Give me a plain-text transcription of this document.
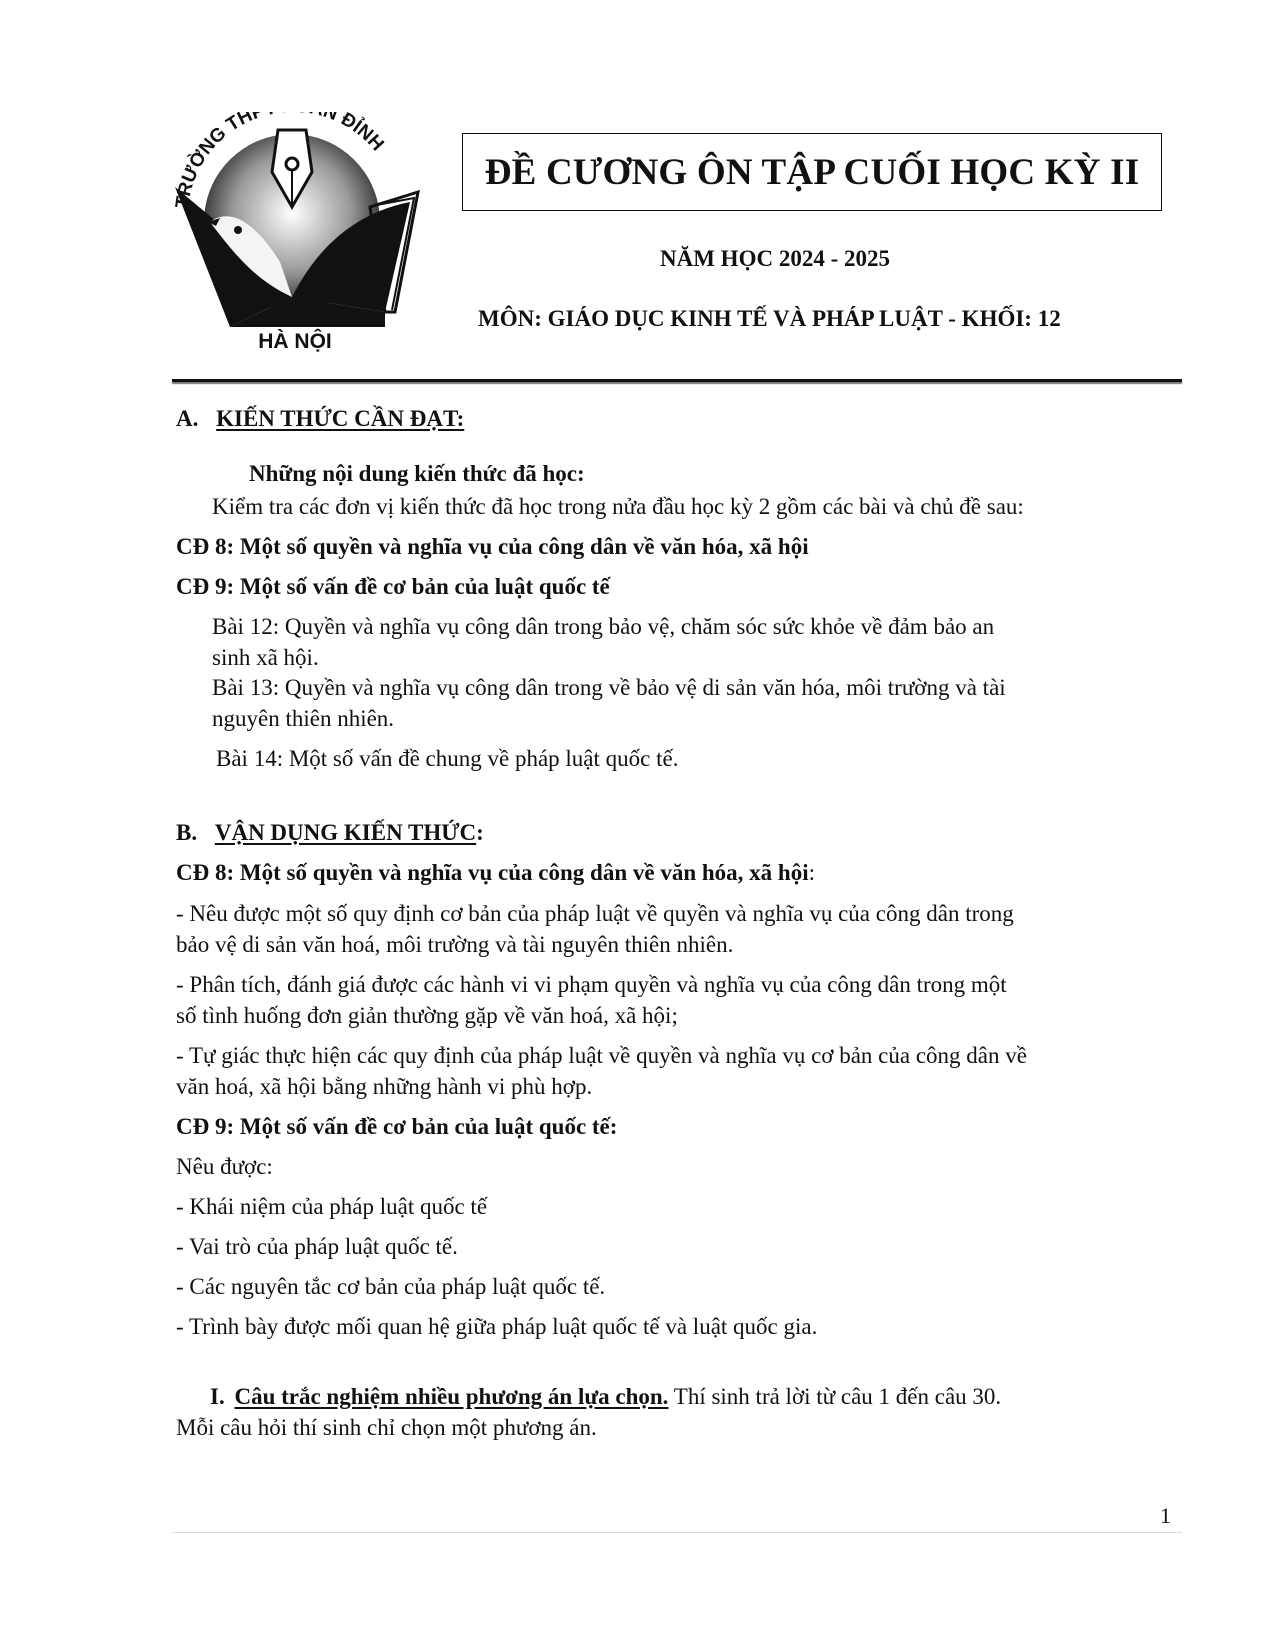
TRƯỜNG THP N ĐỈNH
HÀ NỘI
ĐỀ CƯƠNG ÔN TẬP CUỐI HỌC KỲ II
NĂM HỌC 2024 - 2025
MÔN: GIÁO DỤC KINH TẾ VÀ PHÁP LUẬT - KHỐI: 12
A. KIẾN THỨC CẦN ĐẠT:
Những nội dung kiến thức đã học:
Kiểm tra các đơn vị kiến thức đã học trong nửa đầu học kỳ 2 gồm các bài và chủ đề sau:
CĐ 8: Một số quyền và nghĩa vụ của công dân về văn hóa, xã hội
CĐ 9: Một số vấn đề cơ bản của luật quốc tế
Bài 12: Quyền và nghĩa vụ công dân trong bảo vệ, chăm sóc sức khỏe về đảm bảo an
sinh xã hội.
Bài 13: Quyền và nghĩa vụ công dân trong về bảo vệ di sản văn hóa, môi trường và tài
nguyên thiên nhiên.
Bài 14: Một số vấn đề chung về pháp luật quốc tế.
B. VẬN DỤNG KIẾN THỨC:
CĐ 8: Một số quyền và nghĩa vụ của công dân về văn hóa, xã hội:
- Nêu được một số quy định cơ bản của pháp luật về quyền và nghĩa vụ của công dân trong
bảo vệ di sản văn hoá, môi trường và tài nguyên thiên nhiên.
- Phân tích, đánh giá được các hành vi vi phạm quyền và nghĩa vụ của công dân trong một
số tình huống đơn giản thường gặp về văn hoá, xã hội;
- Tự giác thực hiện các quy định của pháp luật về quyền và nghĩa vụ cơ bản của công dân về
văn hoá, xã hội bằng những hành vi phù hợp.
CĐ 9: Một số vấn đề cơ bản của luật quốc tế:
Nêu được:
- Khái niệm của pháp luật quốc tế
- Vai trò của pháp luật quốc tế.
- Các nguyên tắc cơ bản của pháp luật quốc tế.
- Trình bày được mối quan hệ giữa pháp luật quốc tế và luật quốc gia.
I. Câu trắc nghiệm nhiều phương án lựa chọn. Thí sinh trả lời từ câu 1 đến câu 30.
Mỗi câu hỏi thí sinh chỉ chọn một phương án.
1
